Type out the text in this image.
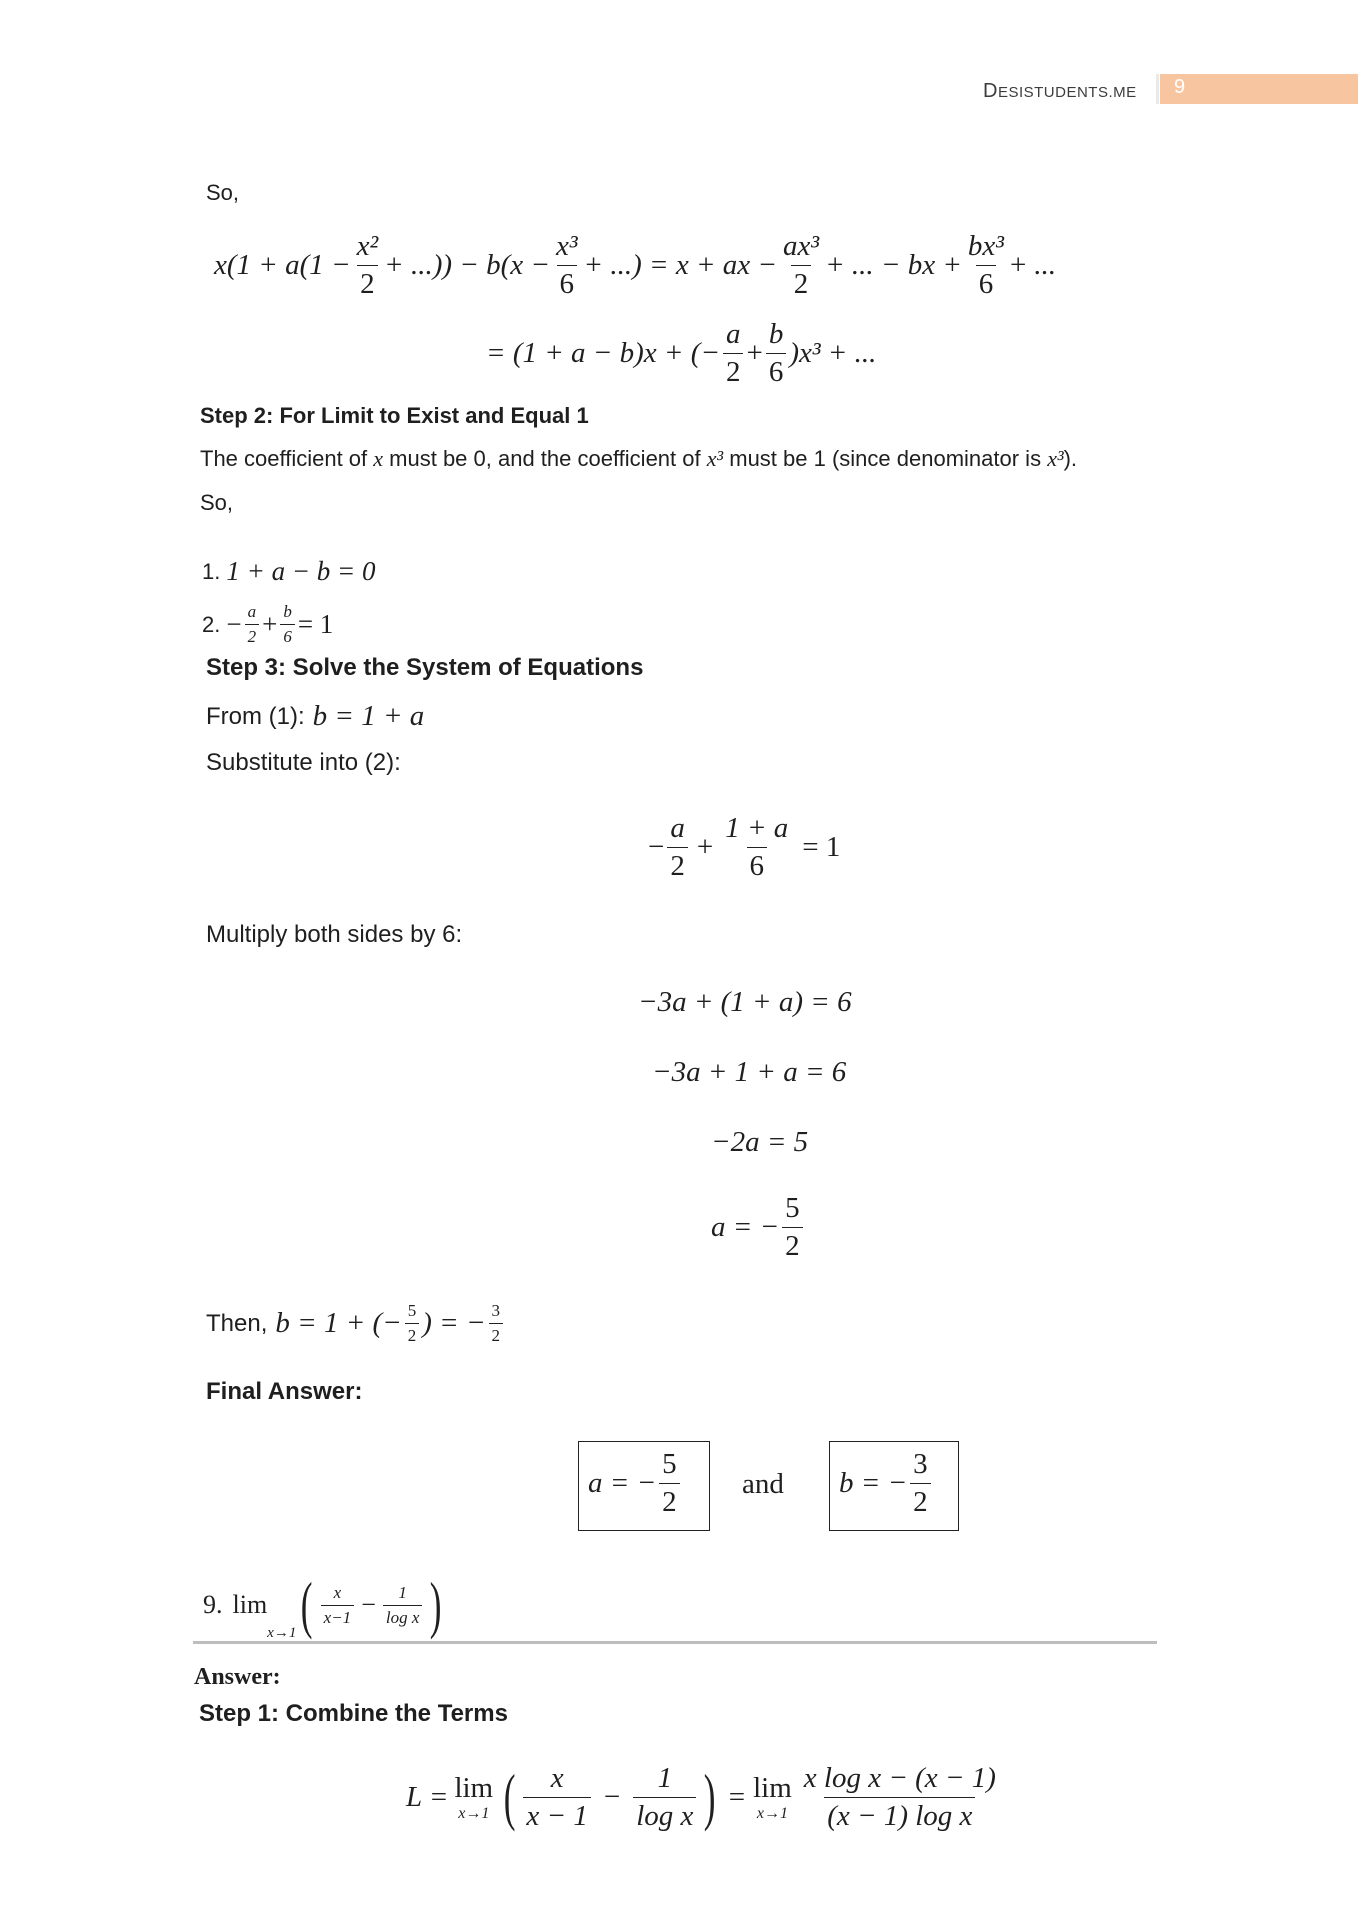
DESISTUDENTS.ME 9
So,
$x(1 + a(1 - \frac{\text{x²}}{2}$ + ...)) − $b(x - \frac{\text{x³}}{6}$ + ...) = x + ax − $\frac{\text{ax³}}{2}$ + ... − bx + $\frac{\text{bx³}}{6}$ + ...
= (1 + a − b)x + (− $\frac{a}{2} + \frac{b}{6} )x^3$ + ...
Step 2: For Limit to Exist and Equal 1
The coefficient of x must be 0, and the coefficient of x³ must be 1 (since denominator is x³).
So,
1. 1 + a − b = 0
2. − $\frac{a}{2} + \frac{b}{6} = 1$
Step 3: Solve the System of Equations
From (1): b = 1 + a
Substitute into (2):
− $\frac{a}{2} + \frac{1 + a}{6} = 1$
Multiply both sides by 6:
−3a + (1 + a) = 6
−3a + 1 + a = 6
−2a = 5
a = − $\frac{5}{2}$
Then, b = 1 + (− $\frac{5}{2}$ ) = − $\frac{3}{2}$
Final Answer:
a = − $\frac{5}{2}$ and b = − $\frac{3}{2}$
9. lim
x→1 ( $\frac{x}{x-1} - \frac{1}{\text{log x}}$ )
Answer:
Step 1: Combine the Terms
L = lim
x→1 ( $\frac{x}{x - 1} - \frac{1}{\text{log x}}$ ) = lim
$x\to 1 \frac{\text{x log x − (x − 1)}}{\text{(x − 1) log x}}$
